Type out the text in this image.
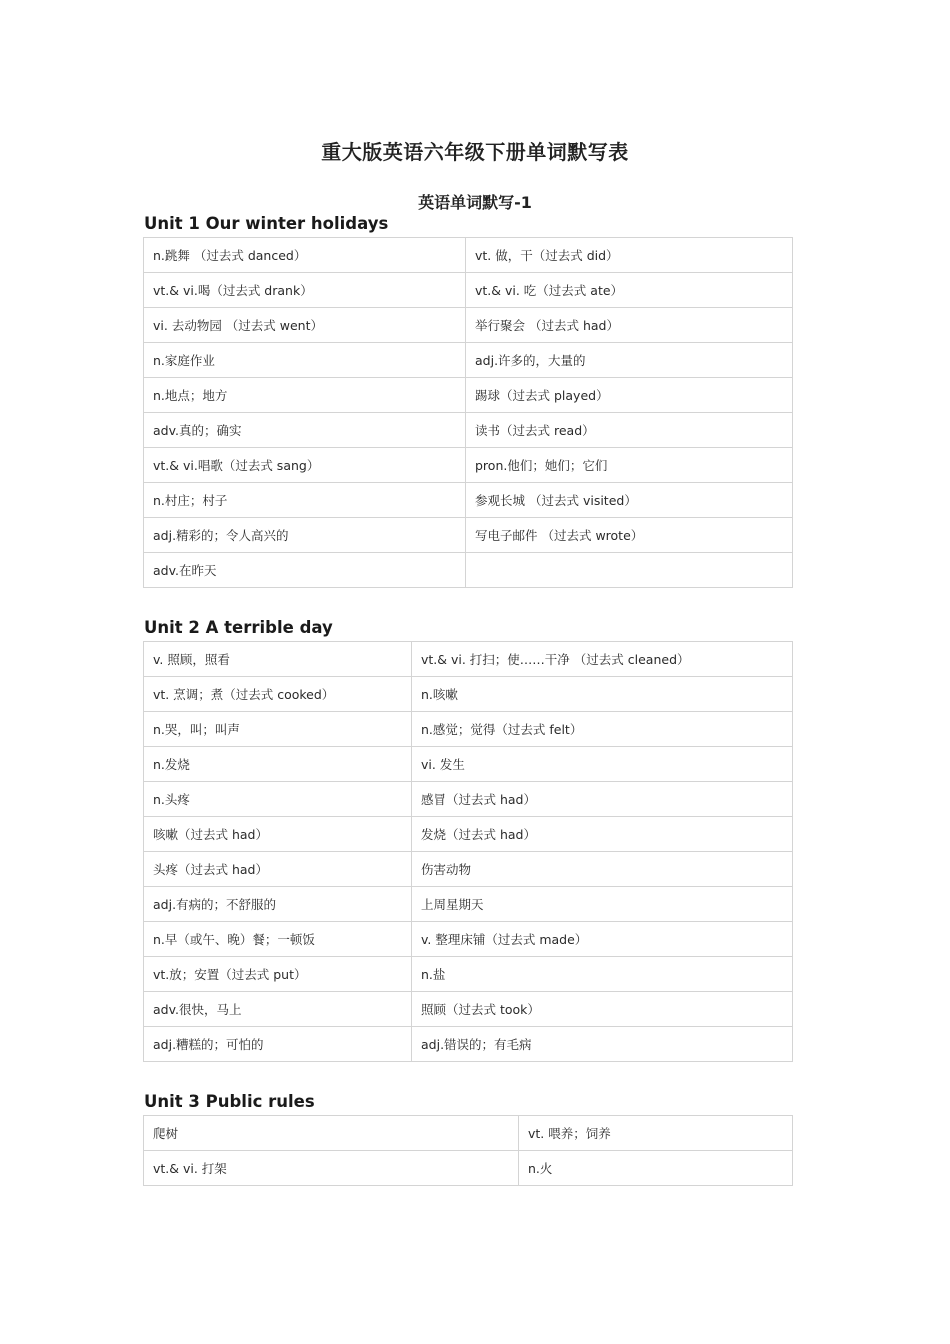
重大版英语六年级下册单词默写表
英语单词默写-1
Unit 1 Our winter holidays
n.跳舞 （过去式 danced）	vt. 做，干（过去式 did）
vt.& vi.喝（过去式 drank）	vt.& vi. 吃（过去式 ate）
vi. 去动物园 （过去式 went）	举行聚会 （过去式 had）
n.家庭作业	adj.许多的，大量的
n.地点；地方	踢球（过去式 played）
adv.真的；确实	读书（过去式 read）
vt.& vi.唱歌（过去式 sang）	pron.他们；她们；它们
n.村庄；村子	参观长城 （过去式 visited）
adj.精彩的；令人高兴的	写电子邮件 （过去式 wrote）
adv.在昨天	
Unit 2 A terrible day
v. 照顾，照看	vt.& vi. 打扫；使……干净 （过去式 cleaned）
vt. 烹调；煮（过去式 cooked）	n.咳嗽
n.哭，叫；叫声	n.感觉；觉得（过去式 felt）
n.发烧	vi. 发生
n.头疼	感冒（过去式 had）
咳嗽（过去式 had）	发烧（过去式 had）
头疼（过去式 had）	伤害动物
adj.有病的；不舒服的	上周星期天
n.早（或午、晚）餐；一顿饭	v. 整理床铺（过去式 made）
vt.放；安置（过去式 put）	n.盐
adv.很快，马上	照顾（过去式 took）
adj.糟糕的；可怕的	adj.错误的；有毛病
Unit 3 Public rules
爬树	vt. 喂养；饲养
vt.& vi. 打架	n.火
